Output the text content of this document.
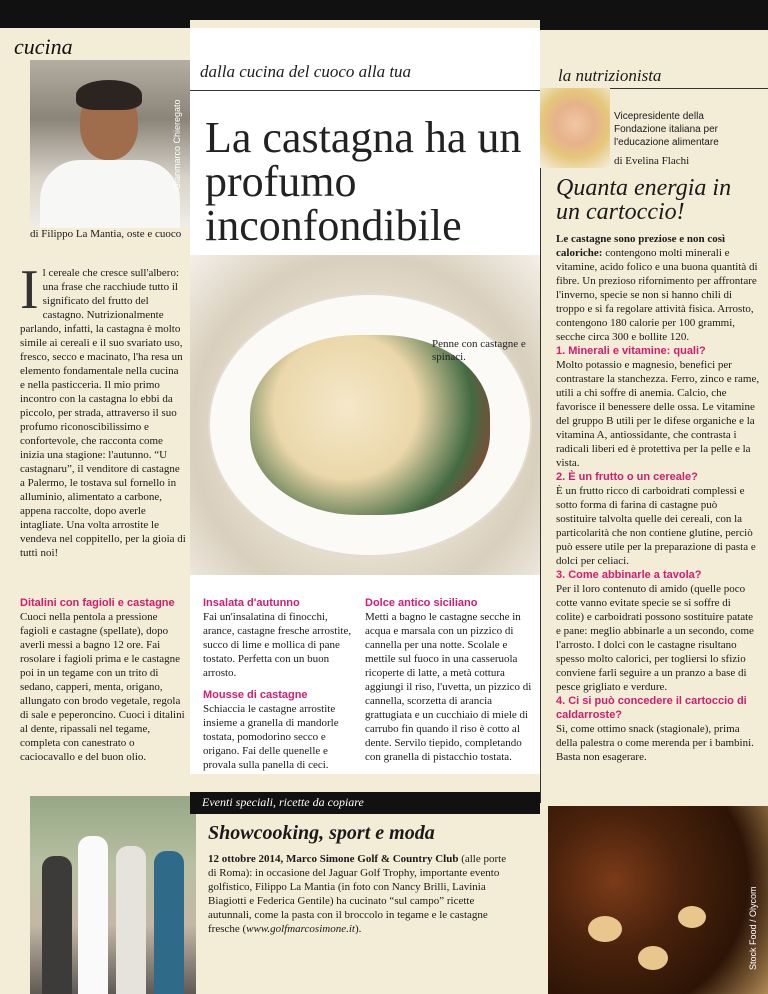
cucina
dalla cucina del cuoco alla tua	la nutrizionista
Gianmarco Chieregato
di Filippo La Mantia, oste e cuoco
Vicepresidente della Fondazione italiana per l'educazione alimentare
di Evelina Flachi
La castagna ha un profumo inconfondibile
Il cereale che cresce sull'albero: una frase che racchiude tutto il significato del frutto del castagno. Nutrizionalmente parlando, infatti, la castagna è molto simile ai cereali e il suo svariato uso, fresco, secco e macinato, l'ha resa un elemento fondamentale nella cucina e nella pasticceria. Il mio primo incontro con la castagna lo ebbi da piccolo, per strada, attraverso il suo profumo riconoscibilissimo e confortevole, che racconta come inizia una stagione: l'autunno. “U castagnaru”, il venditore di castagne a Palermo, le tostava sul fornello in alluminio, alimentato a carbone, appena raccolte, dopo averle intagliate. Una volta arrostite le vendeva nel coppitello, per la gioia di tutti noi!
Penne con castagne e spinaci.
Ditalini con fagioli e castagne

Cuoci nella pentola a pressione fagioli e castagne (spellate), dopo averli messi a bagno 12 ore. Fai rosolare i fagioli prima e le castagne poi in un tegame con un trito di sedano, capperi, menta, origano, allungato con brodo vegetale, regola di sale e peperoncino. Cuoci i ditalini al dente, ripassali nel tegame, completa con canestrato o caciocavallo e del buon olio.

Insalata d'autunno

Fai un'insalatina di finocchi, arance, castagne fresche arrostite, succo di lime e mollica di pane tostato. Perfetta con un buon arrosto.

Mousse di castagne

Schiaccia le castagne arrostite insieme a granella di mandorle tostata, pomodorino secco e origano. Fai delle quenelle e provala sulla panella di ceci.

Dolce antico siciliano

Metti a bagno le castagne secche in acqua e marsala con un pizzico di cannella per una notte. Scolale e mettile sul fuoco in una casseruola ricoperte di latte, a metà cottura aggiungi il riso, l'uvetta, un pizzico di cannella, scorzetta di arancia grattugiata e un cucchiaio di miele di carrubo fin quando il riso è cotto al dente. Servilo tiepido, completando con granella di pistacchio tostata.

Quanta energia in un cartoccio!
Le castagne sono preziose e non così caloriche: contengono molti minerali e vitamine, acido folico e una buona quantità di fibre. Un prezioso rifornimento per affrontare l'inverno, specie se non si hanno chili di troppo e si fa regolare attività fisica. Arrosto, contengono 180 calorie per 100 grammi, secche circa 300 e bollite 120.
1. Minerali e vitamine: quali?
Molto potassio e magnesio, benefici per contrastare la stanchezza. Ferro, zinco e rame, utili a chi soffre di anemia. Calcio, che favorisce il benessere delle ossa. Le vitamine del gruppo B utili per le difese organiche e la vitamina A, antiossidante, che contrasta i radicali liberi ed è protettiva per la pelle e la vista.
2. È un frutto o un cereale?
È un frutto ricco di carboidrati complessi e sotto forma di farina di castagne può sostituire talvolta quelle dei cereali, con la particolarità che non contiene glutine, perciò può essere utile per la preparazione di pasta e dolci per celiaci.
3. Come abbinarle a tavola?
Per il loro contenuto di amido (quelle poco cotte vanno evitate specie se si soffre di colite) e carboidrati possono sostituire patate e pane: meglio abbinarle a un secondo, come l'arrosto. I dolci con le castagne risultano spesso molto calorici, per togliersi lo sfizio conviene farli seguire a un pranzo a base di pesce grigliato e verdure.
4. Ci si può concedere il cartoccio di caldarroste?
Sì, come ottimo snack (stagionale), prima della palestra o come merenda per i bambini. Basta non esagerare.
Eventi speciali, ricette da copiare
Showcooking, sport e moda
12 ottobre 2014, Marco Simone Golf & Country Club (alle porte di Roma): in occasione del Jaguar Golf Trophy, importante evento golfistico, Filippo La Mantia (in foto con Nancy Brilli, Lavinia Biagiotti e Federica Gentile) ha cucinato “sul campo” ricette autunnali, come la pasta con il broccolo in tegame e le castagne fresche (www.golfmarcosimone.it).	Stock Food / Olycom
